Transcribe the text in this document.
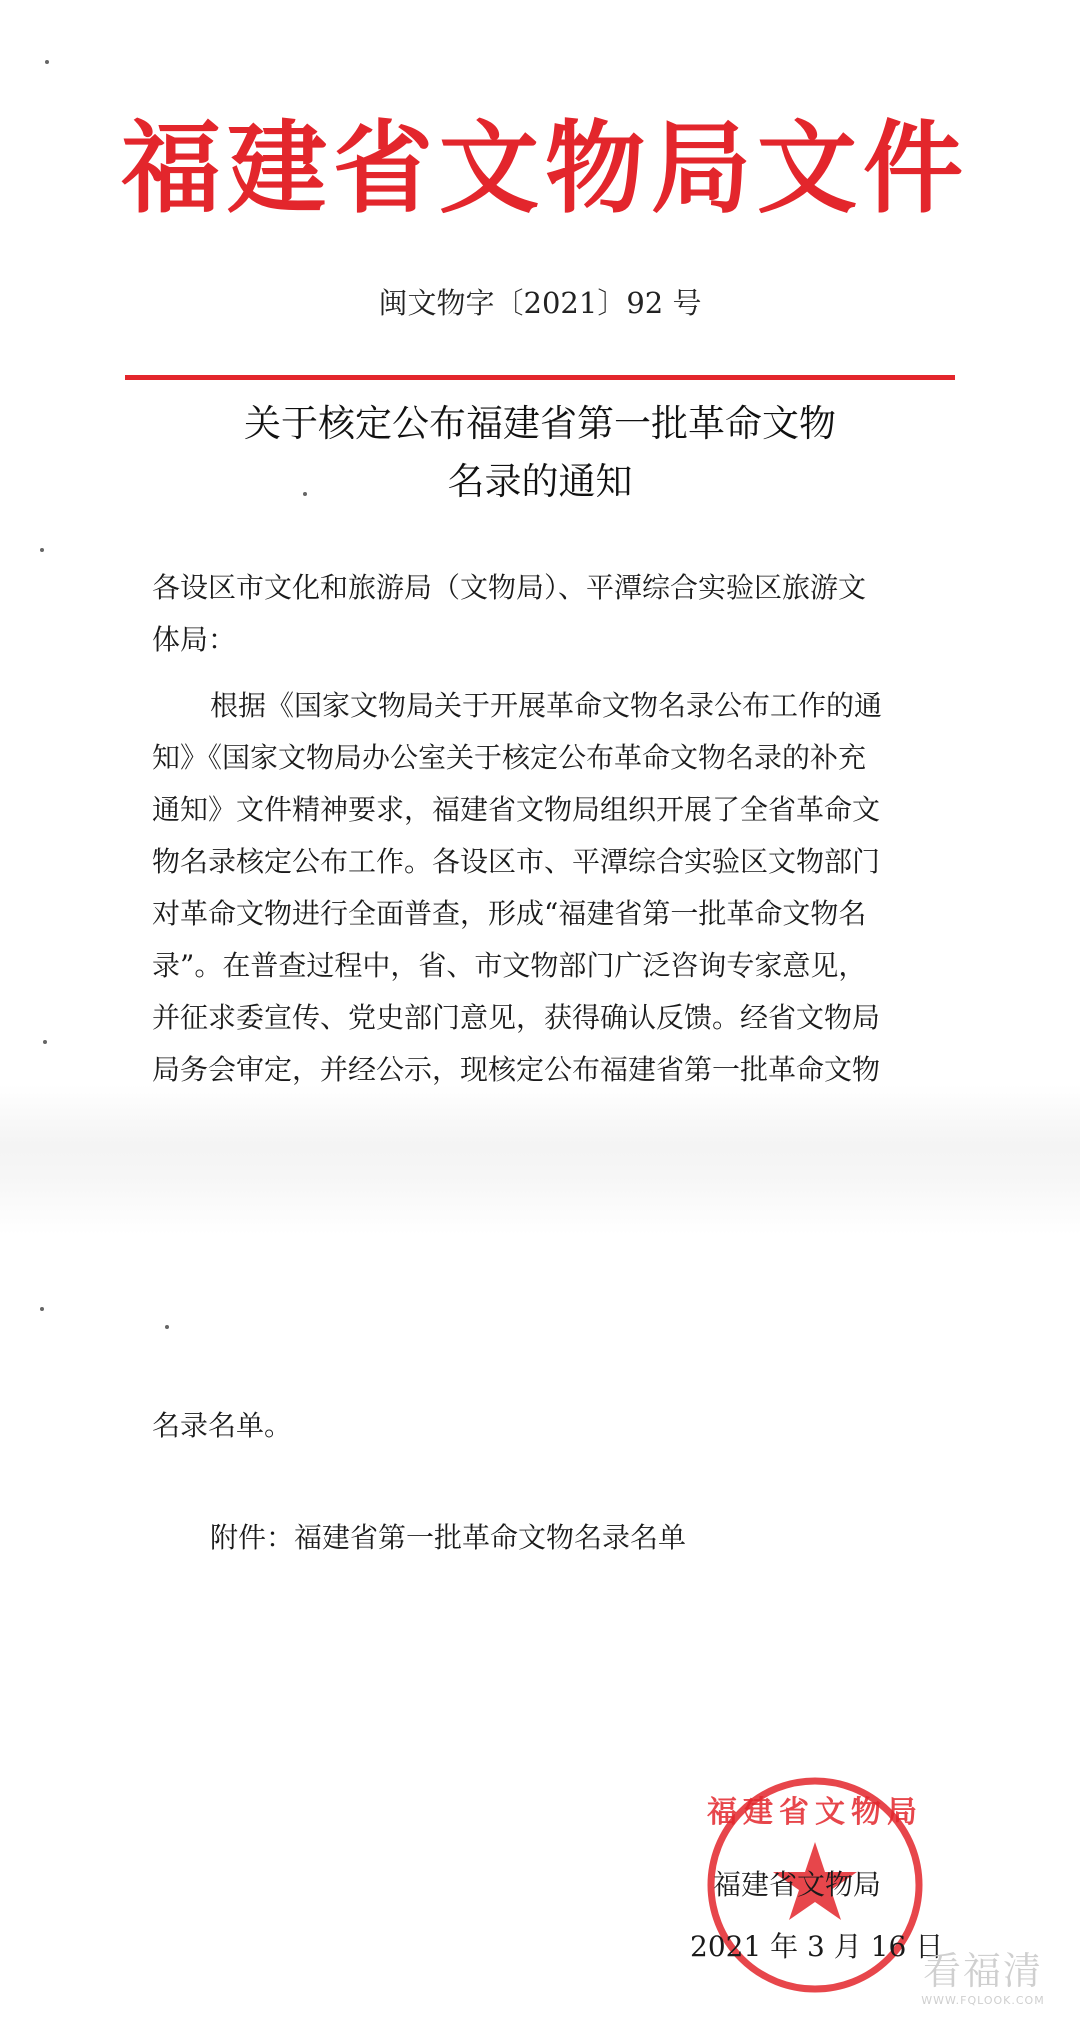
福建省文物局文件
闽文物字〔2021〕92 号
关于核定公布福建省第一批革命文物
名录的通知
各设区市文化和旅游局（文物局）、平潭综合实验区旅游文
体局：
根据《国家文物局关于开展革命文物名录公布工作的通
知》《国家文物局办公室关于核定公布革命文物名录的补充
通知》文件精神要求，福建省文物局组织开展了全省革命文
物名录核定公布工作。各设区市、平潭综合实验区文物部门
对革命文物进行全面普查，形成“福建省第一批革命文物名
录”。在普查过程中，省、市文物部门广泛咨询专家意见，
并征求委宣传、党史部门意见，获得确认反馈。经省文物局
局务会审定，并经公示，现核定公布福建省第一批革命文物
名录名单。
附件：福建省第一批革命文物名录名单
福建省文物局
福建省文物局
2021 年 3 月 16 日
看福清
WWW.FQLOOK.COM
